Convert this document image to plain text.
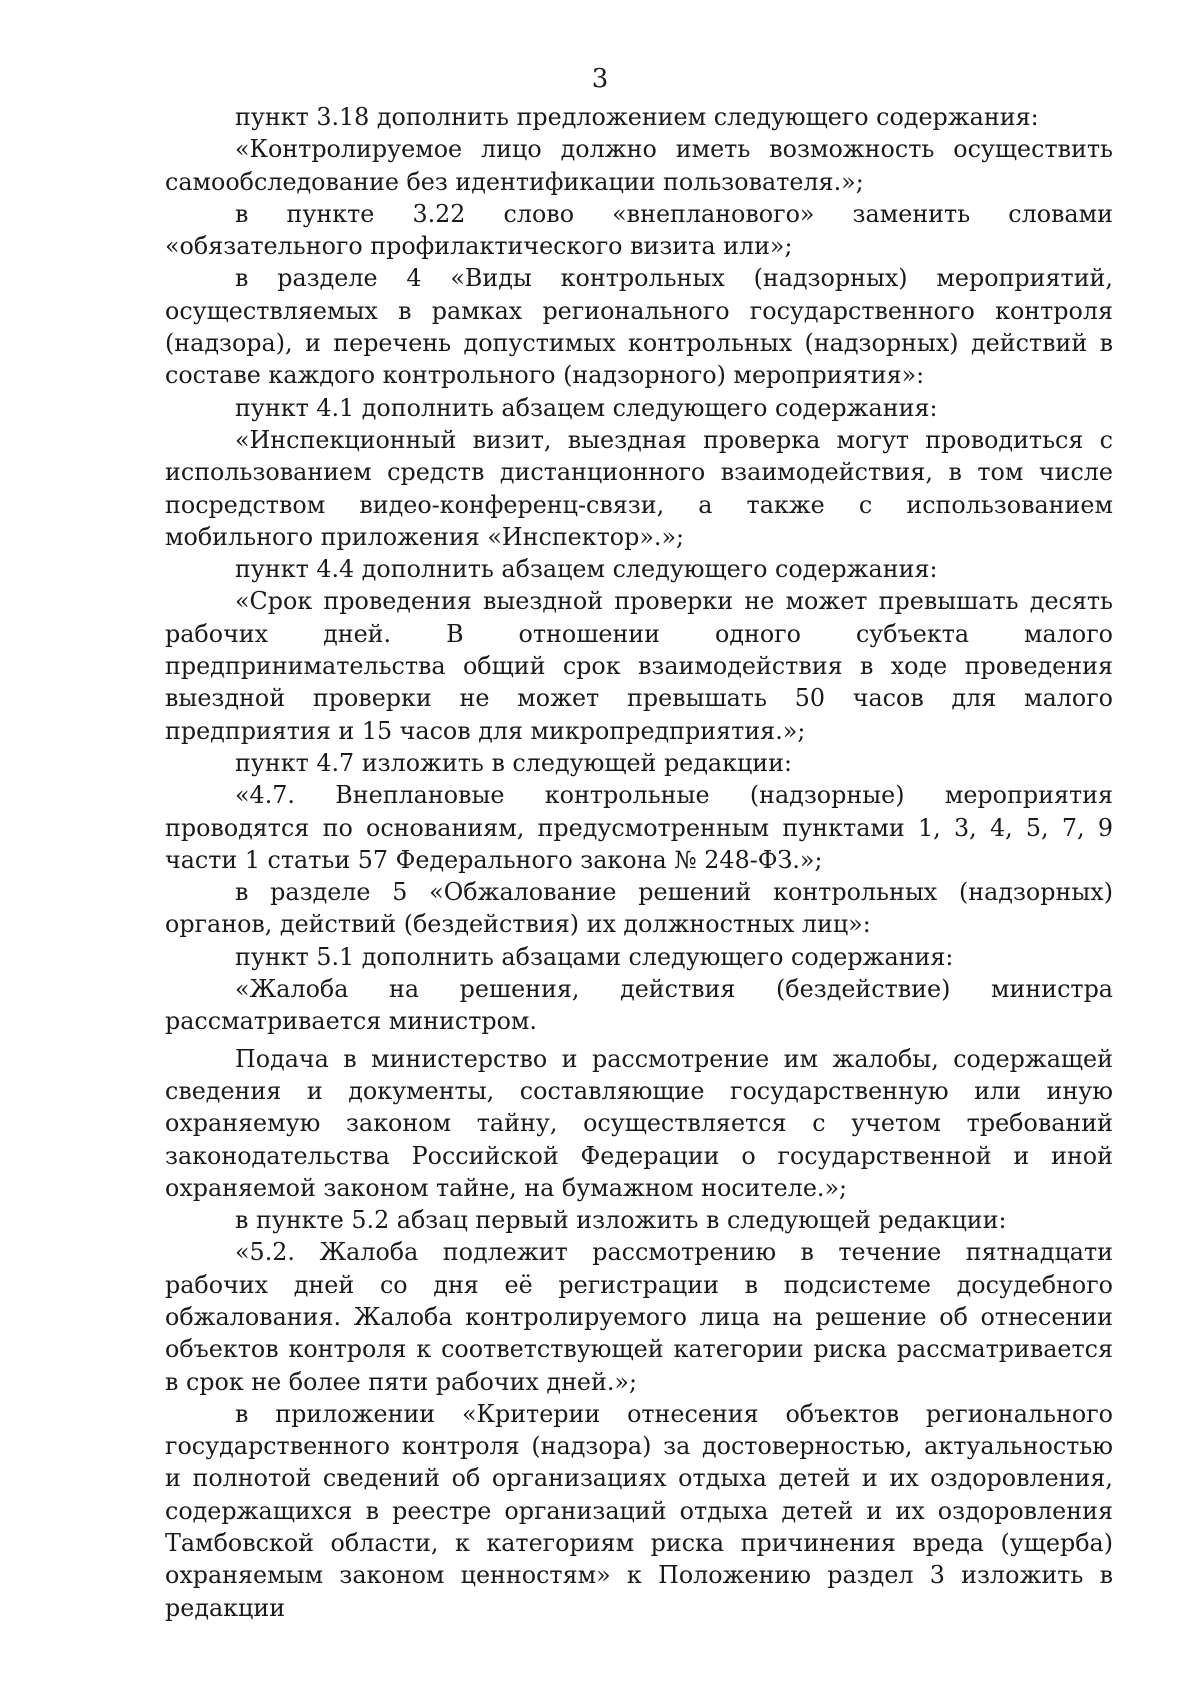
3

пункт 3.18 дополнить предложением следующего содержания:

«Контролируемое лицо должно иметь возможность осуществить самообследование без идентификации пользователя.»;

в пункте 3.22 слово «внепланового» заменить словами «обязательного профилактического визита или»;

в разделе 4 «Виды контрольных (надзорных) мероприятий, осуществляемых в рамках регионального государственного контроля (надзора), и перечень допустимых контрольных (надзорных) действий в составе каждого контрольного (надзорного) мероприятия»:

пункт 4.1 дополнить абзацем следующего содержания:

«Инспекционный визит, выездная проверка могут проводиться с использованием средств дистанционного взаимодействия, в том числе посредством видео-конференц-связи, а также с использованием мобильного приложения «Инспектор».»;

пункт 4.4 дополнить абзацем следующего содержания:

«Срок проведения выездной проверки не может превышать десять рабочих дней. В отношении одного субъекта малого предпринимательства общий срок взаимодействия в ходе проведения выездной проверки не может превышать 50 часов для малого предприятия и 15 часов для микропредприятия.»;

пункт 4.7 изложить в следующей редакции:

«4.7. Внеплановые контрольные (надзорные) мероприятия проводятся по основаниям, предусмотренным пунктами 1, 3, 4, 5, 7, 9 части 1 статьи 57 Федерального закона № 248-ФЗ.»;

в разделе 5 «Обжалование решений контрольных (надзорных) органов, действий (бездействия) их должностных лиц»:

пункт 5.1 дополнить абзацами следующего содержания:

«Жалоба на решения, действия (бездействие) министра рассматривается министром.

Подача в министерство и рассмотрение им жалобы, содержащей сведения и документы, составляющие государственную или иную охраняемую законом тайну, осуществляется с учетом требований законодательства Российской Федерации о государственной и иной охраняемой законом тайне, на бумажном носителе.»;

в пункте 5.2 абзац первый изложить в следующей редакции:

«5.2. Жалоба подлежит рассмотрению в течение пятнадцати рабочих дней со дня её регистрации в подсистеме досудебного обжалования. Жалоба контролируемого лица на решение об отнесении объектов контроля к соответствующей категории риска рассматривается в срок не более пяти рабочих дней.»;

в приложении «Критерии отнесения объектов регионального государственного контроля (надзора) за достоверностью, актуальностью и полнотой сведений об организациях отдыха детей и их оздоровления, содержащихся в реестре организаций отдыха детей и их оздоровления Тамбовской области, к категориям риска причинения вреда (ущерба) охраняемым законом ценностям» к Положению раздел 3 изложить в редакции
